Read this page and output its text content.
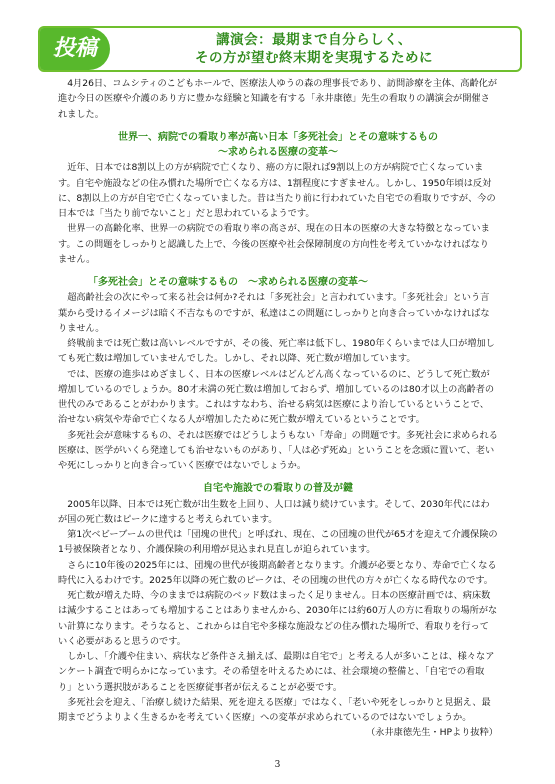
投稿	講演会：最期まで自分らしく、
その方が望む終末期を実現するために

4月26日、コムシティのこどもホールで、医療法人ゆうの森の理事長であり、訪問診療を主体、高齢化が進む今日の医療や介護のあり方に豊かな経験と知識を有する「永井康徳」先生の看取りの講演会が開催されました。

世界一、病院での看取り率が高い日本「多死社会」とその意味するもの
〜求められる医療の変革〜

近年、日本では8割以上の方が病院で亡くなり、癌の方に限れば9割以上の方が病院で亡くなっています。自宅や施設などの住み慣れた場所で亡くなる方は、1割程度にすぎません。しかし、1950年頃は反対に、8割以上の方が自宅で亡くなっていました。昔は当たり前に行われていた自宅での看取りですが、今の日本では「当たり前でないこと」だと思われているようです。

世界一の高齢化率、世界一の病院での看取り率の高さが、現在の日本の医療の大きな特徴となっています。この問題をしっかりと認識した上で、今後の医療や社会保障制度の方向性を考えていかなければなりません。

「多死社会」とその意味するもの　〜求められる医療の変革〜

超高齢社会の次にやって来る社会は何か?それは「多死社会」と言われています。「多死社会」という言葉から受けるイメージは暗く不吉なものですが、私達はこの問題にしっかりと向き合っていかなければなりません。

終戦前までは死亡数は高いレベルですが、その後、死亡率は低下し、1980年くらいまでは人口が増加しても死亡数は増加していませんでした。しかし、それ以降、死亡数が増加しています。

では、医療の進歩はめざましく、日本の医療レベルはどんどん高くなっているのに、どうして死亡数が増加しているのでしょうか。80才未満の死亡数は増加しておらず、増加しているのは80才以上の高齢者の世代のみであることがわかります。これはすなわち、治せる病気は医療により治しているということで、治せない病気や寿命で亡くなる人が増加したために死亡数が増えているということです。

多死社会が意味するもの、それは医療ではどうしようもない「寿命」の問題です。多死社会に求められる医療は、医学がいくら発達しても治せないものがあり、「人は必ず死ぬ」ということを念頭に置いて、老いや死にしっかりと向き合っていく医療ではないでしょうか。

自宅や施設での看取りの普及が鍵

2005年以降、日本では死亡数が出生数を上回り、人口は減り続けています。そして、2030年代にはわが国の死亡数はピークに達すると考えられています。

第1次ベビーブームの世代は「団塊の世代」と呼ばれ、現在、この団塊の世代が65才を迎えて介護保険の1号被保険者となり、介護保険の利用増が見込まれ見直しが迫られています。

さらに10年後の2025年には、団塊の世代が後期高齢者となります。介護が必要となり、寿命で亡くなる時代に入るわけです。2025年以降の死亡数のピークは、その団塊の世代の方々が亡くなる時代なのです。

死亡数が増えた時、今のままでは病院のベッド数はまったく足りません。日本の医療計画では、病床数は減少することはあっても増加することはありませんから、2030年には約60万人の方に看取りの場所がない計算になります。そうなると、これからは自宅や多様な施設などの住み慣れた場所で、看取りを行っていく必要があると思うのです。

しかし、「介護や住まい、病状など条件さえ揃えば、最期は自宅で」と考える人が多いことは、様々なアンケート調査で明らかになっています。その希望を叶えるためには、社会環境の整備と、「自宅での看取り」という選択肢があることを医療従事者が伝えることが必要です。

多死社会を迎え、「治療し続けた結果、死を迎える医療」ではなく、「老いや死をしっかりと見据え、最期までどうよりよく生きるかを考えていく医療」への変革が求められているのではないでしょうか。

（永井康徳先生・HPより抜粋）
3
